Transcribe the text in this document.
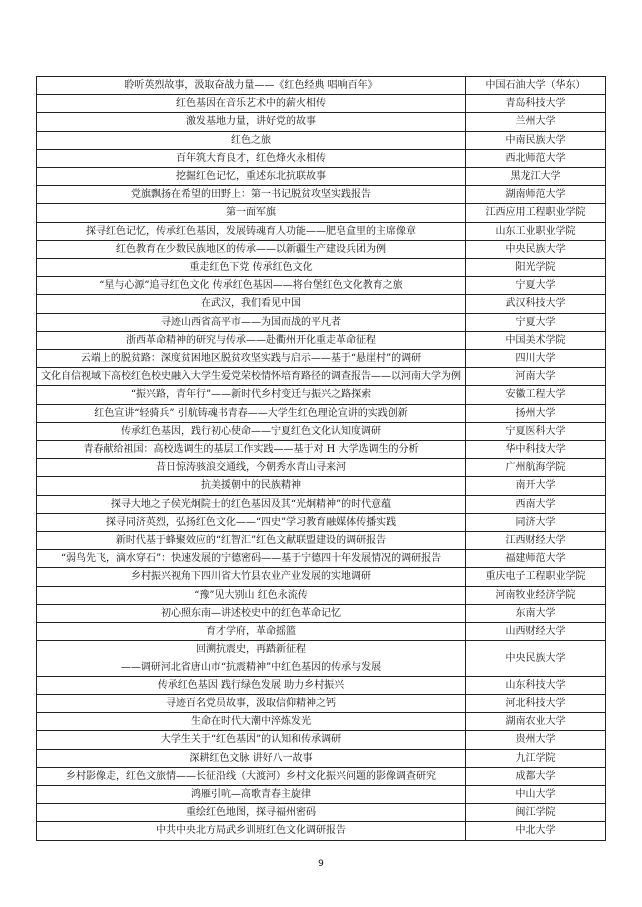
聆听英烈故事，汲取奋战力量——《红色经典 唱响百年》	中国石油大学（华东）
红色基因在音乐艺术中的薪火相传	青岛科技大学
激发基地力量，讲好党的故事	兰州大学
红色之旅	中南民族大学
百年筑大育良才，红色烽火永相传	西北师范大学
挖掘红色记忆，重述东北抗联故事	黑龙江大学
党旗飘扬在希望的田野上：第一书记脱贫攻坚实践报告	湖南师范大学
第一面军旗	江西应用工程职业学院
探寻红色记忆，传承红色基因，发展铸魂育人功能——肥皂盒里的主席像章	山东工业职业学院
红色教育在少数民族地区的传承——以新疆生产建设兵团为例	中央民族大学
重走红色下党 传承红色文化	阳光学院
“星与心源”追寻红色文化 传承红色基因——将台堡红色文化教育之旅	宁夏大学
在武汉，我们看见中国	武汉科技大学
寻迹山西省高平市——为国而战的平凡者	宁夏大学
浙西革命精神的研究与传承——赴衢州开化重走革命征程	中国美术学院
云端上的脱贫路：深度贫困地区脱贫攻坚实践与启示——基于“悬崖村”的调研	四川大学
文化自信视域下高校红色校史融入大学生爱党荣校情怀培育路径的调查报告——以河南大学为例	河南大学
“振兴路，青年行”——新时代乡村变迁与振兴之路探索	安徽工程大学
红色宣讲“轻骑兵” 引航铸魂书青春——大学生红色理论宣讲的实践创新	扬州大学
传承红色基因，践行初心使命——宁夏红色文化认知度调研	宁夏医科大学
青春献给祖国：高校选调生的基层工作实践——基于对 H 大学选调生的分析	华中科技大学
昔日惊涛骇浪交通线，今朝秀水青山寻来河	广州航海学院
抗美援朝中的民族精神	南开大学
探寻大地之子侯光炯院士的红色基因及其“光炯精神”的时代意蕴	西南大学
探寻同济英烈，弘扬红色文化——“四史”学习教育融媒体传播实践	同济大学
新时代基于蜂聚效应的“红智汇”红色文献联盟建设的调研报告	江西财经大学
“弱鸟先飞，滴水穿石”：快速发展的宁德密码——基于宁德四十年发展情况的调研报告	福建师范大学
乡村振兴视角下四川省大竹县农业产业发展的实地调研	重庆电子工程职业学院
“豫”见大别山 红色永流传	河南牧业经济学院
初心照东南—讲述校史中的红色革命记忆	东南大学
育才学府，革命摇篮	山西财经大学
回溯抗震史，再踏新征程
——调研河北省唐山市“抗震精神”中红色基因的传承与发展	中央民族大学
传承红色基因 践行绿色发展 助力乡村振兴	山东科技大学
寻迹百名党员故事，汲取信仰精神之钙	河北科技大学
生命在时代大潮中淬炼发光	湖南农业大学
大学生关于“红色基因”的认知和传承调研	贵州大学
深耕红色文脉 讲好八一故事	九江学院
乡村影像走，红色文旅情——长征沿线（大渡河）乡村文化振兴问题的影像调查研究	成都大学
鸿雁引吭—高歌青春主旋律	中山大学
重绘红色地图，探寻福州密码	闽江学院
中共中央北方局武乡训班红色文化调研报告	中北大学
9
